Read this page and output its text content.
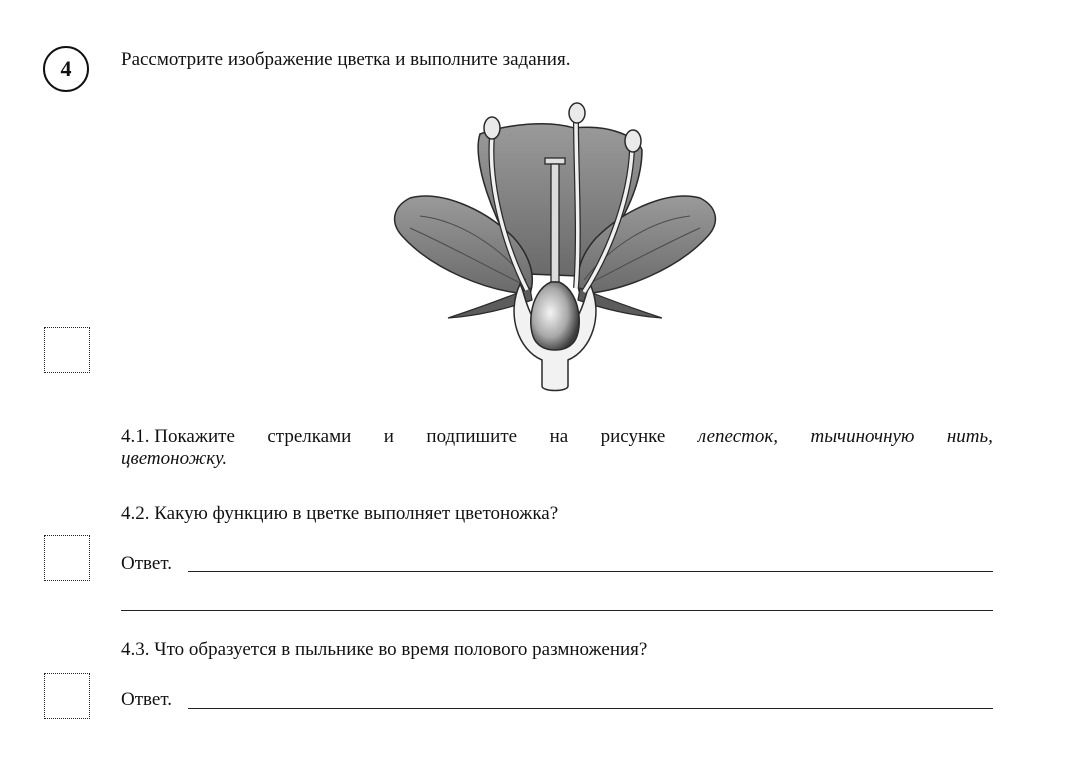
4	Рассмотрите изображение цветка и выполните задания.
4.1. Покажите стрелками и подпишите на рисунке лепесток, тычиночную нить,
цветоножку.
4.2. Какую функцию в цветке выполняет цветоножка?
Ответ.
4.3. Что образуется в пыльнике во время полового размножения?
Ответ.
